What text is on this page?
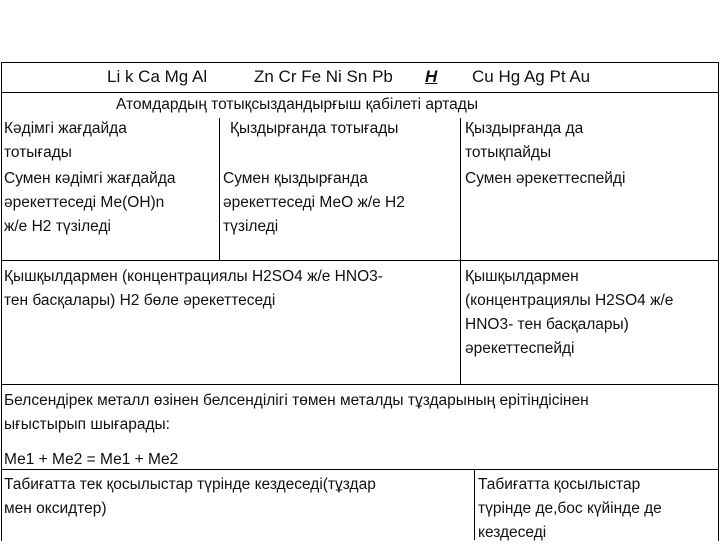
Li k Ca Mg Al	Zn Cr Fe Ni Sn Pb H Cu Hg Ag Pt Au
Атомдардың тотықсыздандырғыш қабілеті артады
Кәдімгі жағдайда
тотығады
Қыздырғанда тотығады	Қыздырғанда да
тотықпайды
Сумен кәдімгі жағдайда
әрекеттеседі Ме(ОН)n
ж/е Н2 түзіледі
Сумен қыздырғанда
әрекеттеседі МеО ж/е Н2
түзіледі
Сумен әрекеттеспейді
Қышқылдармен (концентрациялы Н2SO4 ж/е НNO3-
тен басқалары) Н2 бөле әрекеттеседі
Қышқылдармен
(концентрациялы Н2SO4 ж/е
НNO3- тен басқалары)
әрекеттеспейді
Белсендірек металл өзінен белсенділігі төмен металды тұздарының ерітіндісінен
ығыстырып шығарады:
Ме1 + Ме2 = Ме1 + Ме2
Табиғатта тек қосылыстар түрінде кездеседі(тұздар
мен оксидтер)
Табиғатта қосылыстар
түрінде де,бос күйінде де
кездеседі
